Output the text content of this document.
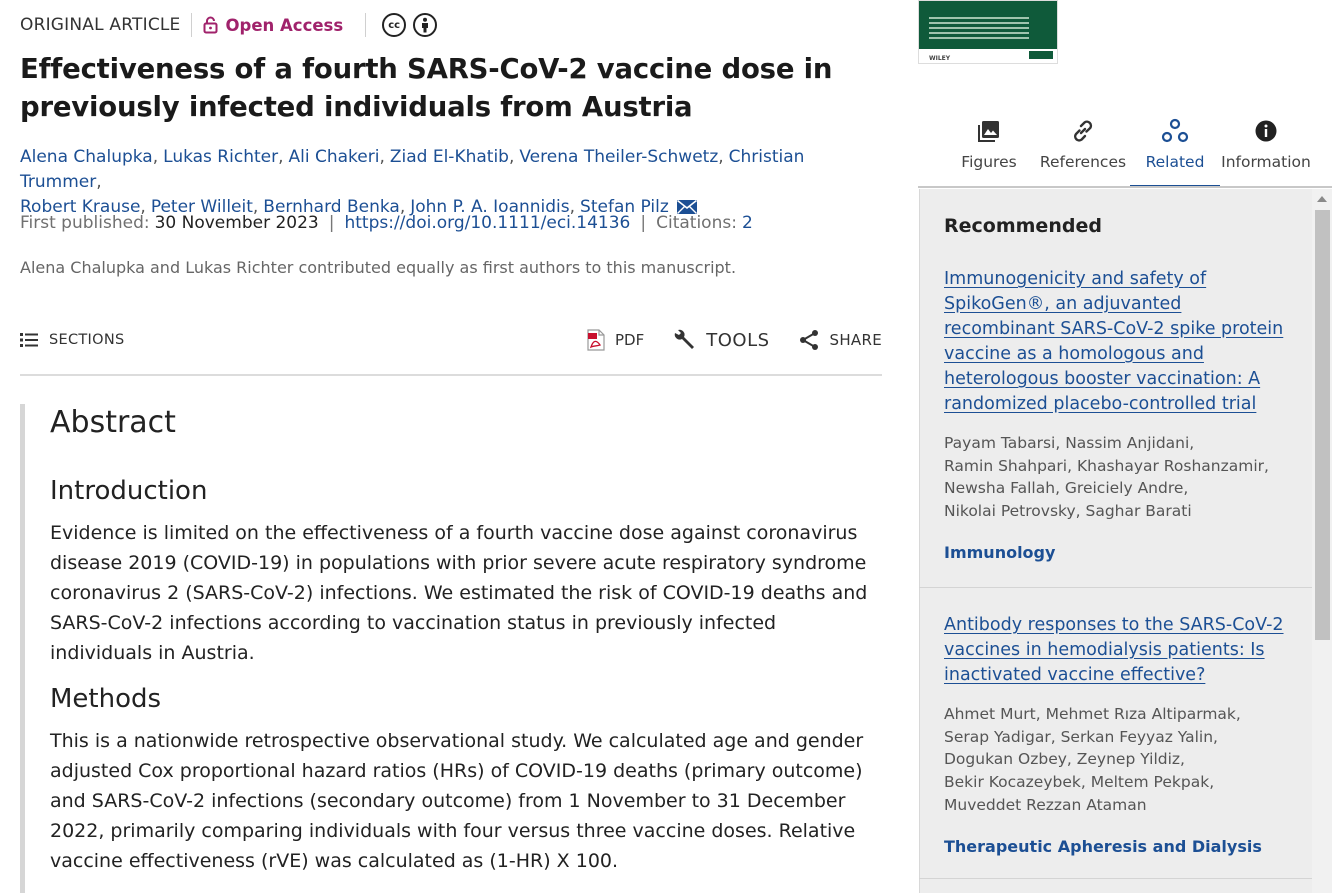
ORIGINAL ARTICLE	Open Access	cc
Effectiveness of a fourth SARS-CoV-2 vaccine dose in previously infected individuals from Austria
Alena Chalupka, Lukas Richter, Ali Chakeri, Ziad El-Khatib, Verena Theiler-Schwetz, Christian Trummer,
Robert Krause, Peter Willeit, Bernhard Benka, John P. A. Ioannidis, Stefan Pilz
First published: 30 November 2023 | https://doi.org/10.1111/eci.14136 | Citations: 2
Alena Chalupka and Lukas Richter contributed equally as first authors to this manuscript.
SECTIONS	PDF	TOOLS	SHARE
Abstract
Introduction

Evidence is limited on the effectiveness of a fourth vaccine dose against coronavirus disease 2019 (COVID-19) in populations with prior severe acute respiratory syndrome coronavirus 2 (SARS-CoV-2) infections. We estimated the risk of COVID-19 deaths and SARS-CoV-2 infections according to vaccination status in previously infected individuals in Austria.

Methods

This is a nationwide retrospective observational study. We calculated age and gender adjusted Cox proportional hazard ratios (HRs) of COVID-19 deaths (primary outcome) and SARS-CoV-2 infections (secondary outcome) from 1 November to 31 December 2022, primarily comparing individuals with four versus three vaccine doses. Relative vaccine effectiveness (rVE) was calculated as (1-HR) X 100.

WILEY
Figures References Related Information
Recommended
Immunogenicity and safety of SpikoGen®, an adjuvanted recombinant SARS-CoV-2 spike protein vaccine as a homologous and heterologous booster vaccination: A randomized placebo-controlled trial
Payam Tabarsi, Nassim Anjidani,
Ramin Shahpari, Khashayar Roshanzamir,
Newsha Fallah, Greiciely Andre,
Nikolai Petrovsky, Saghar Barati
Immunology
Antibody responses to the SARS-CoV-2 vaccines in hemodialysis patients: Is inactivated vaccine effective?
Ahmet Murt, Mehmet Rıza Altiparmak,
Serap Yadigar, Serkan Feyyaz Yalin,
Dogukan Ozbey, Zeynep Yildiz,
Bekir Kocazeybek, Meltem Pekpak,
Muveddet Rezzan Ataman
Therapeutic Apheresis and Dialysis
